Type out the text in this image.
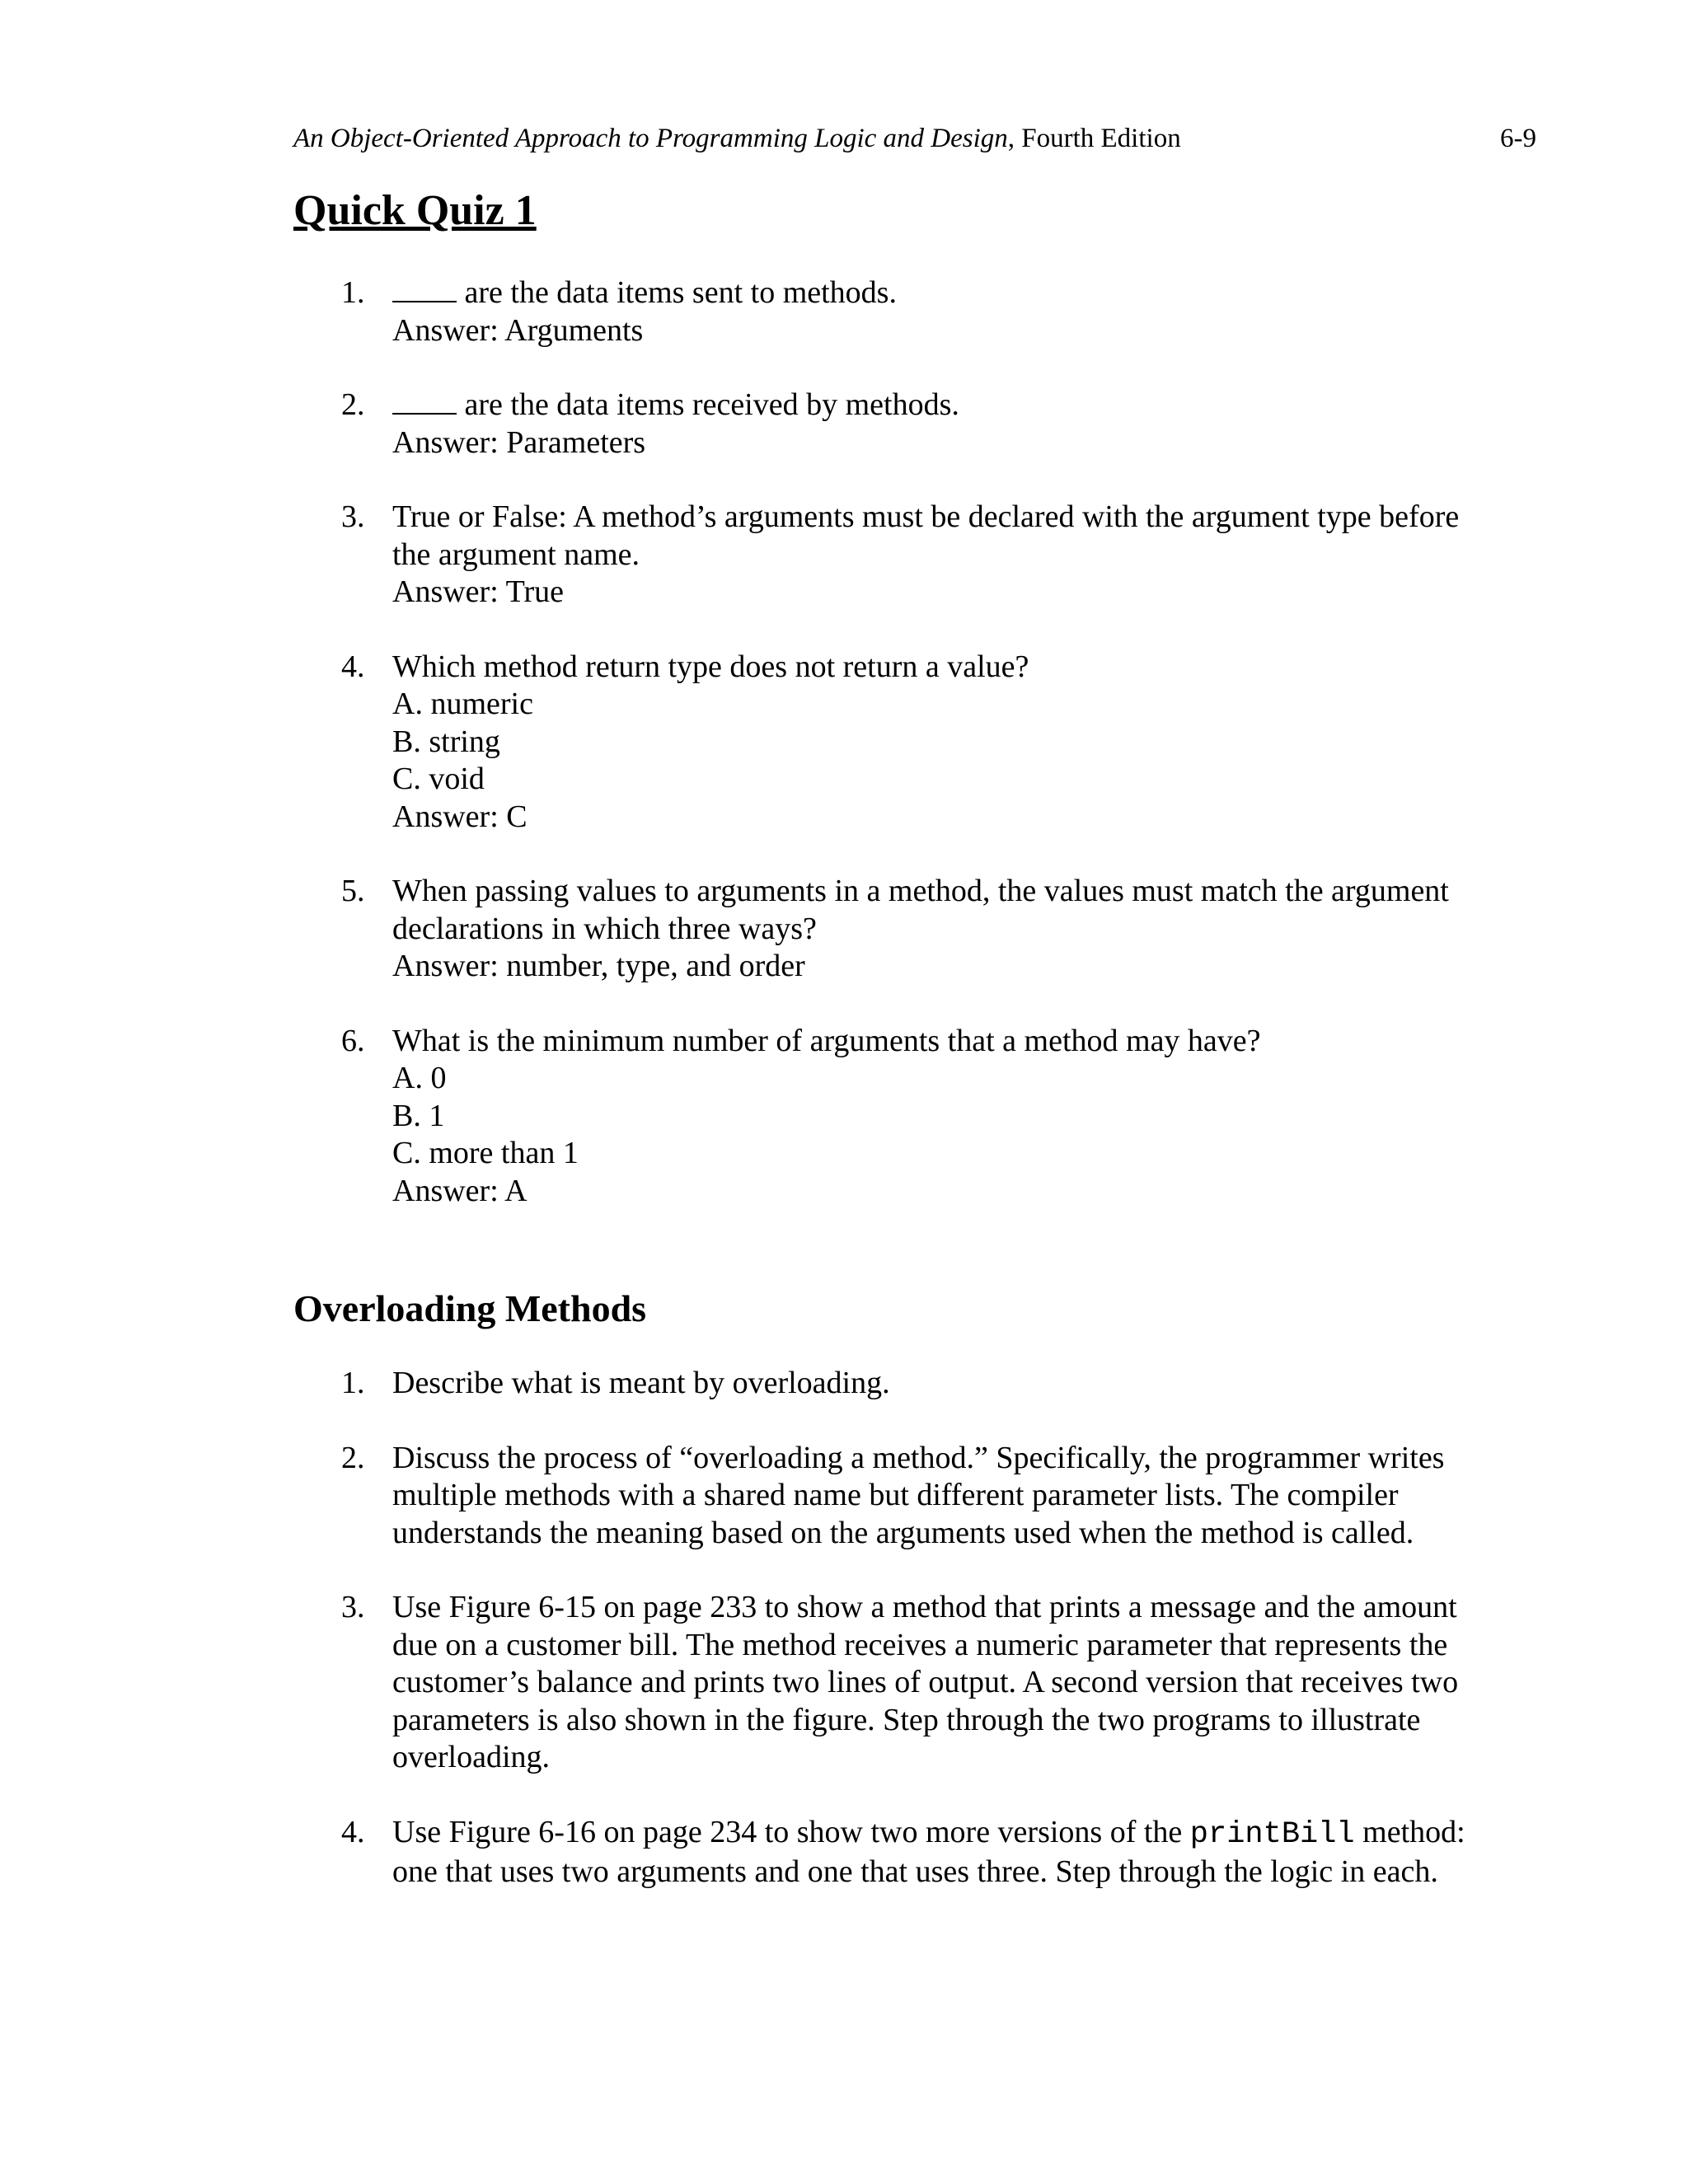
An Object-Oriented Approach to Programming Logic and Design, Fourth Edition	6-9
Quick Quiz 1
1.	are the data items sent to methods.
Answer: Arguments
2.	are the data items received by methods.
Answer: Parameters
3. True or False: A method’s arguments must be declared with the argument type before
the argument name.
Answer: True
4. Which method return type does not return a value?
A. numeric
B. string
C. void
Answer: C
5. When passing values to arguments in a method, the values must match the argument
declarations in which three ways?
Answer: number, type, and order
6. What is the minimum number of arguments that a method may have?
A. 0
B. 1
C. more than 1
Answer: A
Overloading Methods
1. Describe what is meant by overloading.
2. Discuss the process of “overloading a method.” Specifically, the programmer writes
multiple methods with a shared name but different parameter lists. The compiler
understands the meaning based on the arguments used when the method is called.
3. Use Figure 6-15 on page 233 to show a method that prints a message and the amount
due on a customer bill. The method receives a numeric parameter that represents the
customer’s balance and prints two lines of output. A second version that receives two
parameters is also shown in the figure. Step through the two programs to illustrate
overloading.
4. Use Figure 6-16 on page 234 to show two more versions of the printBill method:
one that uses two arguments and one that uses three. Step through the logic in each.
